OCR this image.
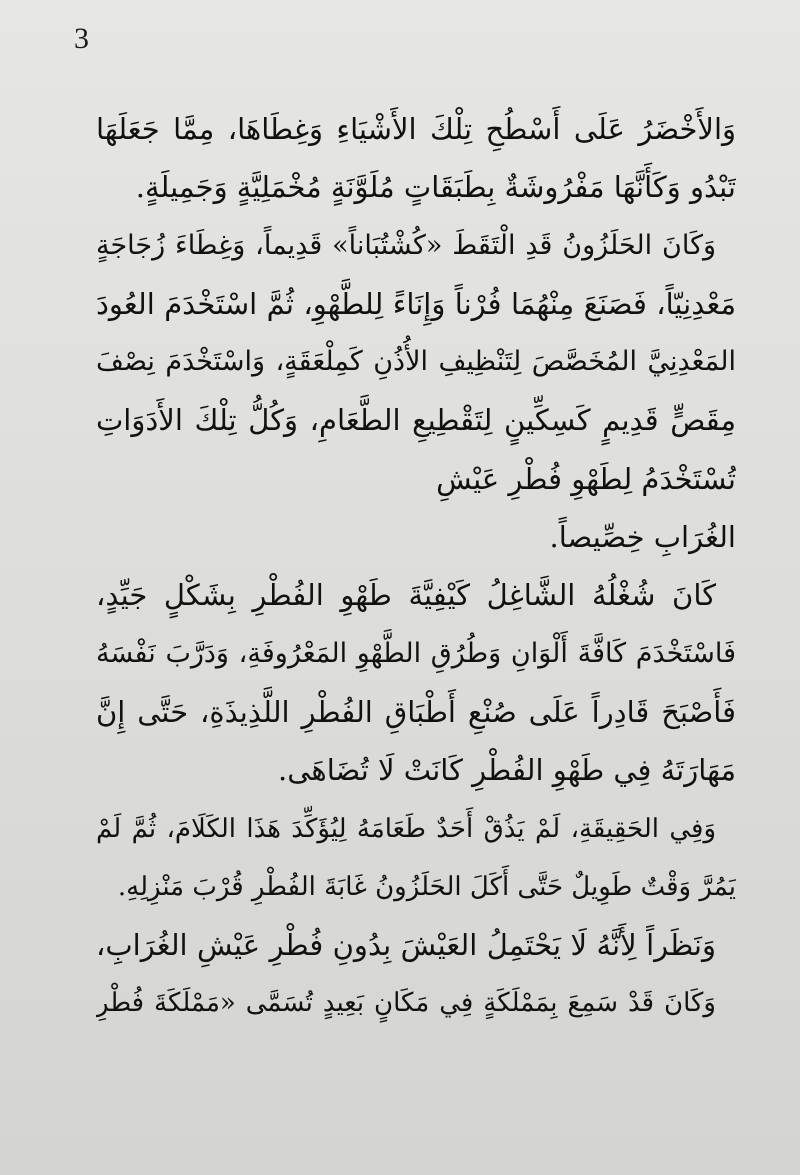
3
وَالأَخْضَرُ عَلَى أَسْطُحِ تِلْكَ الأَشْيَاءِ وَغِطَاهَا، مِمَّا جَعَلَهَا
تَبْدُو وَكَأَنَّهَا مَفْرُوشَةٌ بِطَبَقَاتٍ مُلَوَّنَةٍ مُخْمَلِيَّةٍ وَجَمِيلَةٍ.
وَكَانَ الحَلَزُونُ قَدِ الْتَقَطَ «كُشْتُبَاناً» قَدِيماً، وَغِطَاءَ زُجَاجَةٍ
مَعْدِنِيّاً، فَصَنَعَ مِنْهُمَا فُرْناً وَإِنَاءً لِلطَّهْوِ، ثُمَّ اسْتَخْدَمَ العُودَ
المَعْدِنِيَّ المُخَصَّصَ لِتَنْظِيفِ الأُذُنِ كَمِلْعَقَةٍ، وَاسْتَخْدَمَ نِصْفَ
مِقَصٍّ قَدِيمٍ كَسِكِّينٍ لِتَقْطِيعِ الطَّعَامِ، وَكُلُّ تِلْكَ الأَدَوَاتِ
تُسْتَخْدَمُ لِطَهْوِ فُطْرِ عَيْشِ
الغُرَابِ خِصِّيصاً.
كَانَ شُغْلُهُ الشَّاغِلُ كَيْفِيَّةَ طَهْوِ الفُطْرِ بِشَكْلٍ جَيِّدٍ،
فَاسْتَخْدَمَ كَافَّةَ أَلْوَانِ وَطُرُقِ الطَّهْوِ المَعْرُوفَةِ، وَدَرَّبَ نَفْسَهُ
فَأَصْبَحَ قَادِراً عَلَى صُنْعِ أَطْبَاقِ الفُطْرِ اللَّذِيذَةِ، حَتَّى إِنَّ
مَهَارَتَهُ فِي طَهْوِ الفُطْرِ كَانَتْ لَا تُضَاهَى.
وَفِي الحَقِيقَةِ، لَمْ يَذُقْ أَحَدٌ طَعَامَهُ لِيُؤَكِّدَ هَذَا الكَلَامَ، ثُمَّ لَمْ
يَمُرَّ وَقْتٌ طَوِيلٌ حَتَّى أَكَلَ الحَلَزُونُ غَابَةَ الفُطْرِ قُرْبَ مَنْزِلِهِ.
وَنَظَراً لِأَنَّهُ لَا يَحْتَمِلُ العَيْشَ بِدُونِ فُطْرِ عَيْشِ الغُرَابِ،
وَكَانَ قَدْ سَمِعَ بِمَمْلَكَةٍ فِي مَكَانٍ بَعِيدٍ تُسَمَّى «مَمْلَكَةَ فُطْرِ
